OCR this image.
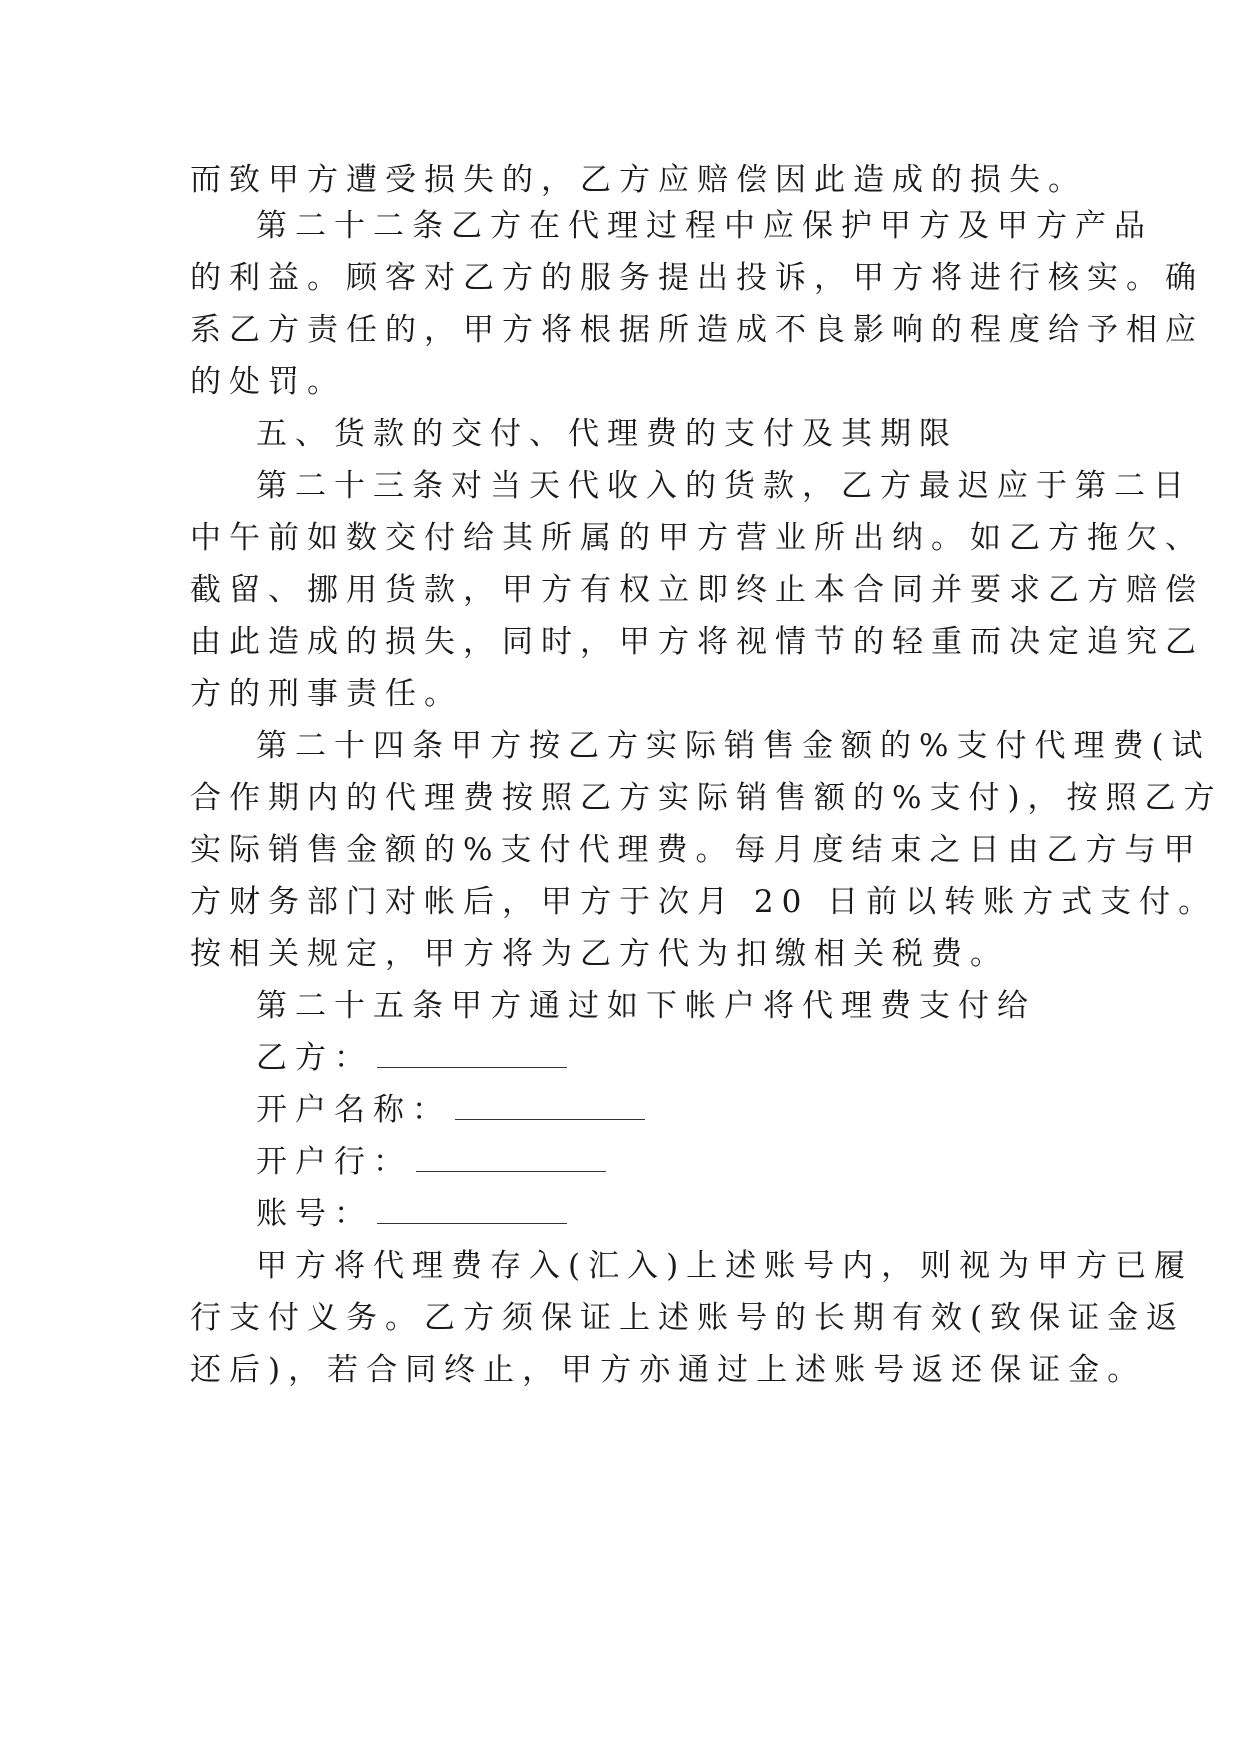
而致甲方遭受损失的，乙方应赔偿因此造成的损失。
第二十二条乙方在代理过程中应保护甲方及甲方产品
的利益。顾客对乙方的服务提出投诉，甲方将进行核实。确
系乙方责任的，甲方将根据所造成不良影响的程度给予相应
的处罚。
五、货款的交付、代理费的支付及其期限
第二十三条对当天代收入的货款，乙方最迟应于第二日
中午前如数交付给其所属的甲方营业所出纳。如乙方拖欠、
截留、挪用货款，甲方有权立即终止本合同并要求乙方赔偿
由此造成的损失，同时，甲方将视情节的轻重而决定追究乙
方的刑事责任。
第二十四条甲方按乙方实际销售金额的%支付代理费(试
合作期内的代理费按照乙方实际销售额的%支付)，按照乙方
实际销售金额的%支付代理费。每月度结束之日由乙方与甲
方财务部门对帐后，甲方于次月 20 日前以转账方式支付。
按相关规定，甲方将为乙方代为扣缴相关税费。
第二十五条甲方通过如下帐户将代理费支付给
乙方：
开户名称：
开户行：
账号：
甲方将代理费存入(汇入)上述账号内，则视为甲方已履
行支付义务。乙方须保证上述账号的长期有效(致保证金返
还后)，若合同终止，甲方亦通过上述账号返还保证金。
